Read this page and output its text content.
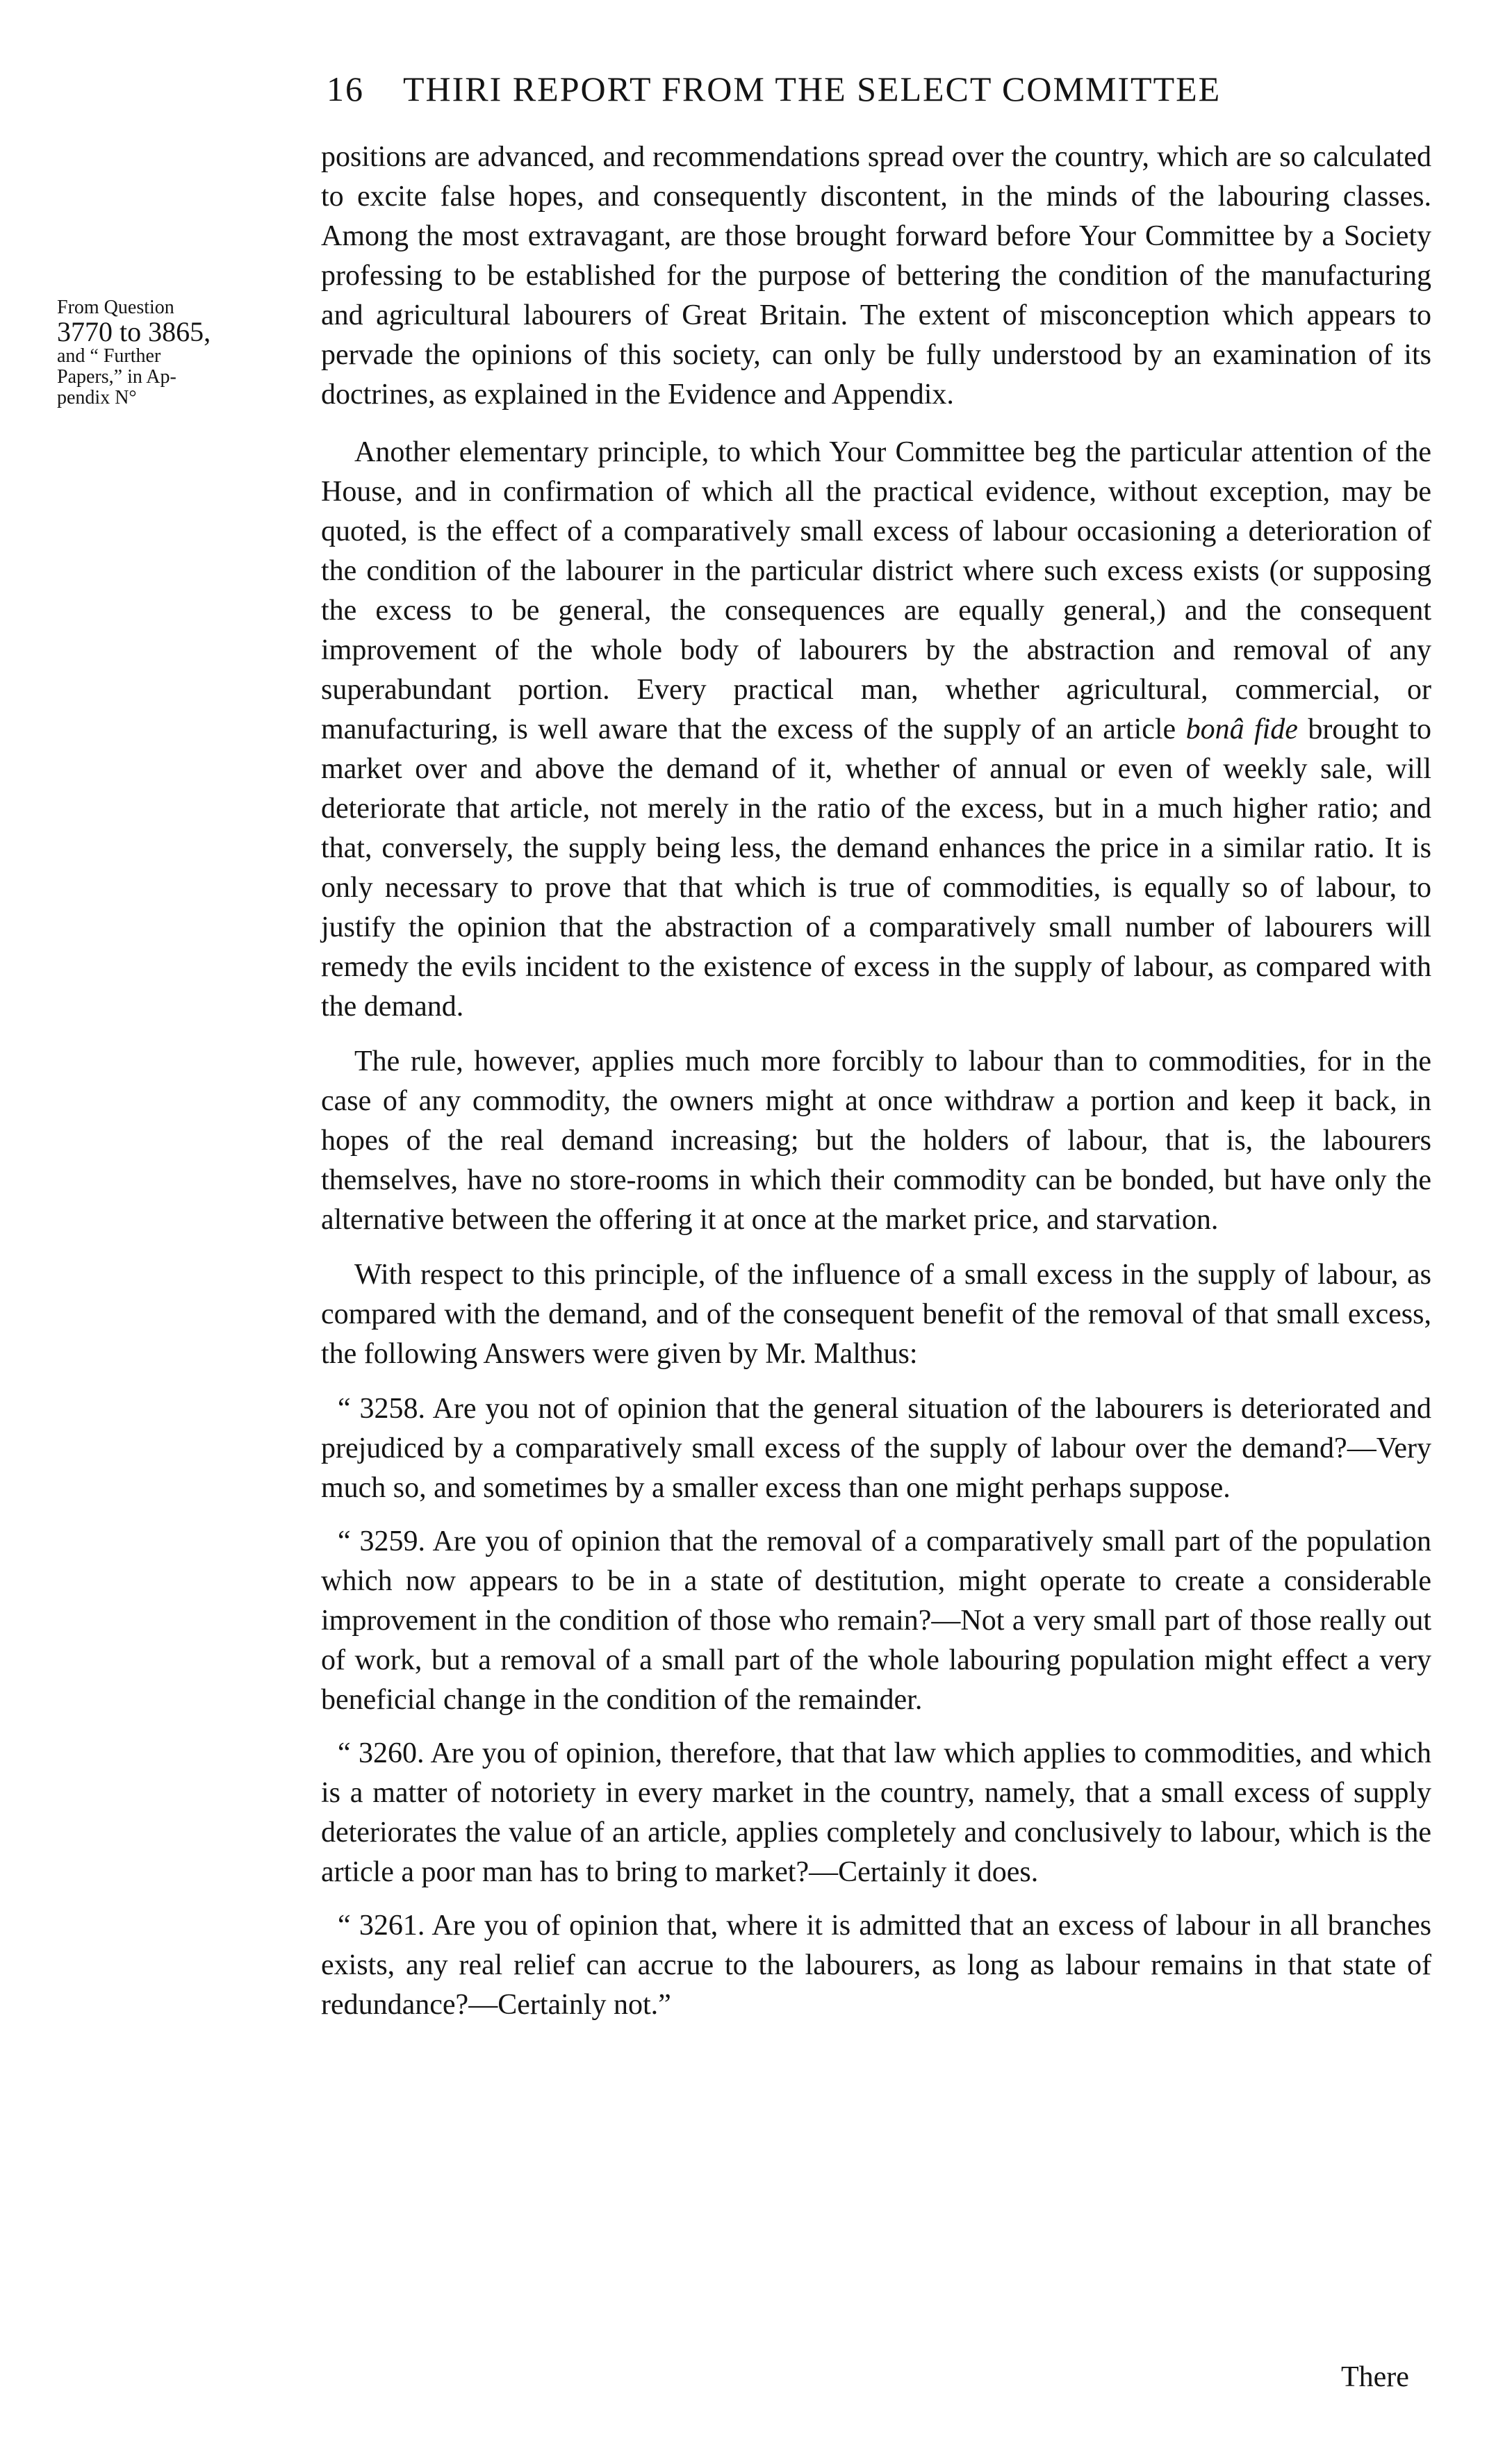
16 THIRI REPORT FROM THE SELECT COMMITTEE

From Question

3770 to 3865,

and “ Further

Papers,” in Ap-

pendix N°

positions are advanced, and recommendations spread over the country, which are so calculated to excite false hopes, and consequently discontent, in the minds of the labouring classes. Among the most extravagant, are those brought forward before Your Committee by a Society professing to be established for the purpose of bettering the condition of the manufacturing and agricultural labourers of Great Britain. The extent of misconception which appears to pervade the opinions of this society, can only be fully understood by an examination of its doctrines, as explained in the Evidence and Appendix.

Another elementary principle, to which Your Committee beg the particular attention of the House, and in confirmation of which all the practical evidence, without exception, may be quoted, is the effect of a comparatively small excess of labour occasioning a deterioration of the condition of the labourer in the particular district where such excess exists (or supposing the excess to be general, the consequences are equally general,) and the consequent improvement of the whole body of labourers by the abstraction and removal of any superabundant portion. Every practical man, whether agricultural, commercial, or manufacturing, is well aware that the excess of the supply of an article bonâ fide brought to market over and above the demand of it, whether of annual or even of weekly sale, will deteriorate that article, not merely in the ratio of the excess, but in a much higher ratio; and that, conversely, the supply being less, the demand enhances the price in a similar ratio. It is only necessary to prove that that which is true of commodities, is equally so of labour, to justify the opinion that the abstraction of a comparatively small number of labourers will remedy the evils incident to the existence of excess in the supply of labour, as compared with the demand.

The rule, however, applies much more forcibly to labour than to commodities, for in the case of any commodity, the owners might at once withdraw a portion and keep it back, in hopes of the real demand increasing; but the holders of labour, that is, the labourers themselves, have no store-rooms in which their commodity can be bonded, but have only the alternative between the offering it at once at the market price, and starvation.

With respect to this principle, of the influence of a small excess in the supply of labour, as compared with the demand, and of the consequent benefit of the removal of that small excess, the following Answers were given by Mr. Malthus:

“ 3258. Are you not of opinion that the general situation of the labourers is deteriorated and prejudiced by a comparatively small excess of the supply of labour over the demand?—Very much so, and sometimes by a smaller excess than one might perhaps suppose.

“ 3259. Are you of opinion that the removal of a comparatively small part of the population which now appears to be in a state of destitution, might operate to create a considerable improvement in the condition of those who remain?—Not a very small part of those really out of work, but a removal of a small part of the whole labouring population might effect a very beneficial change in the condition of the remainder.

“ 3260. Are you of opinion, therefore, that that law which applies to commodities, and which is a matter of notoriety in every market in the country, namely, that a small excess of supply deteriorates the value of an article, applies completely and conclusively to labour, which is the article a poor man has to bring to market?—Certainly it does.

“ 3261. Are you of opinion that, where it is admitted that an excess of labour in all branches exists, any real relief can accrue to the labourers, as long as labour remains in that state of redundance?—Certainly not.”

There
